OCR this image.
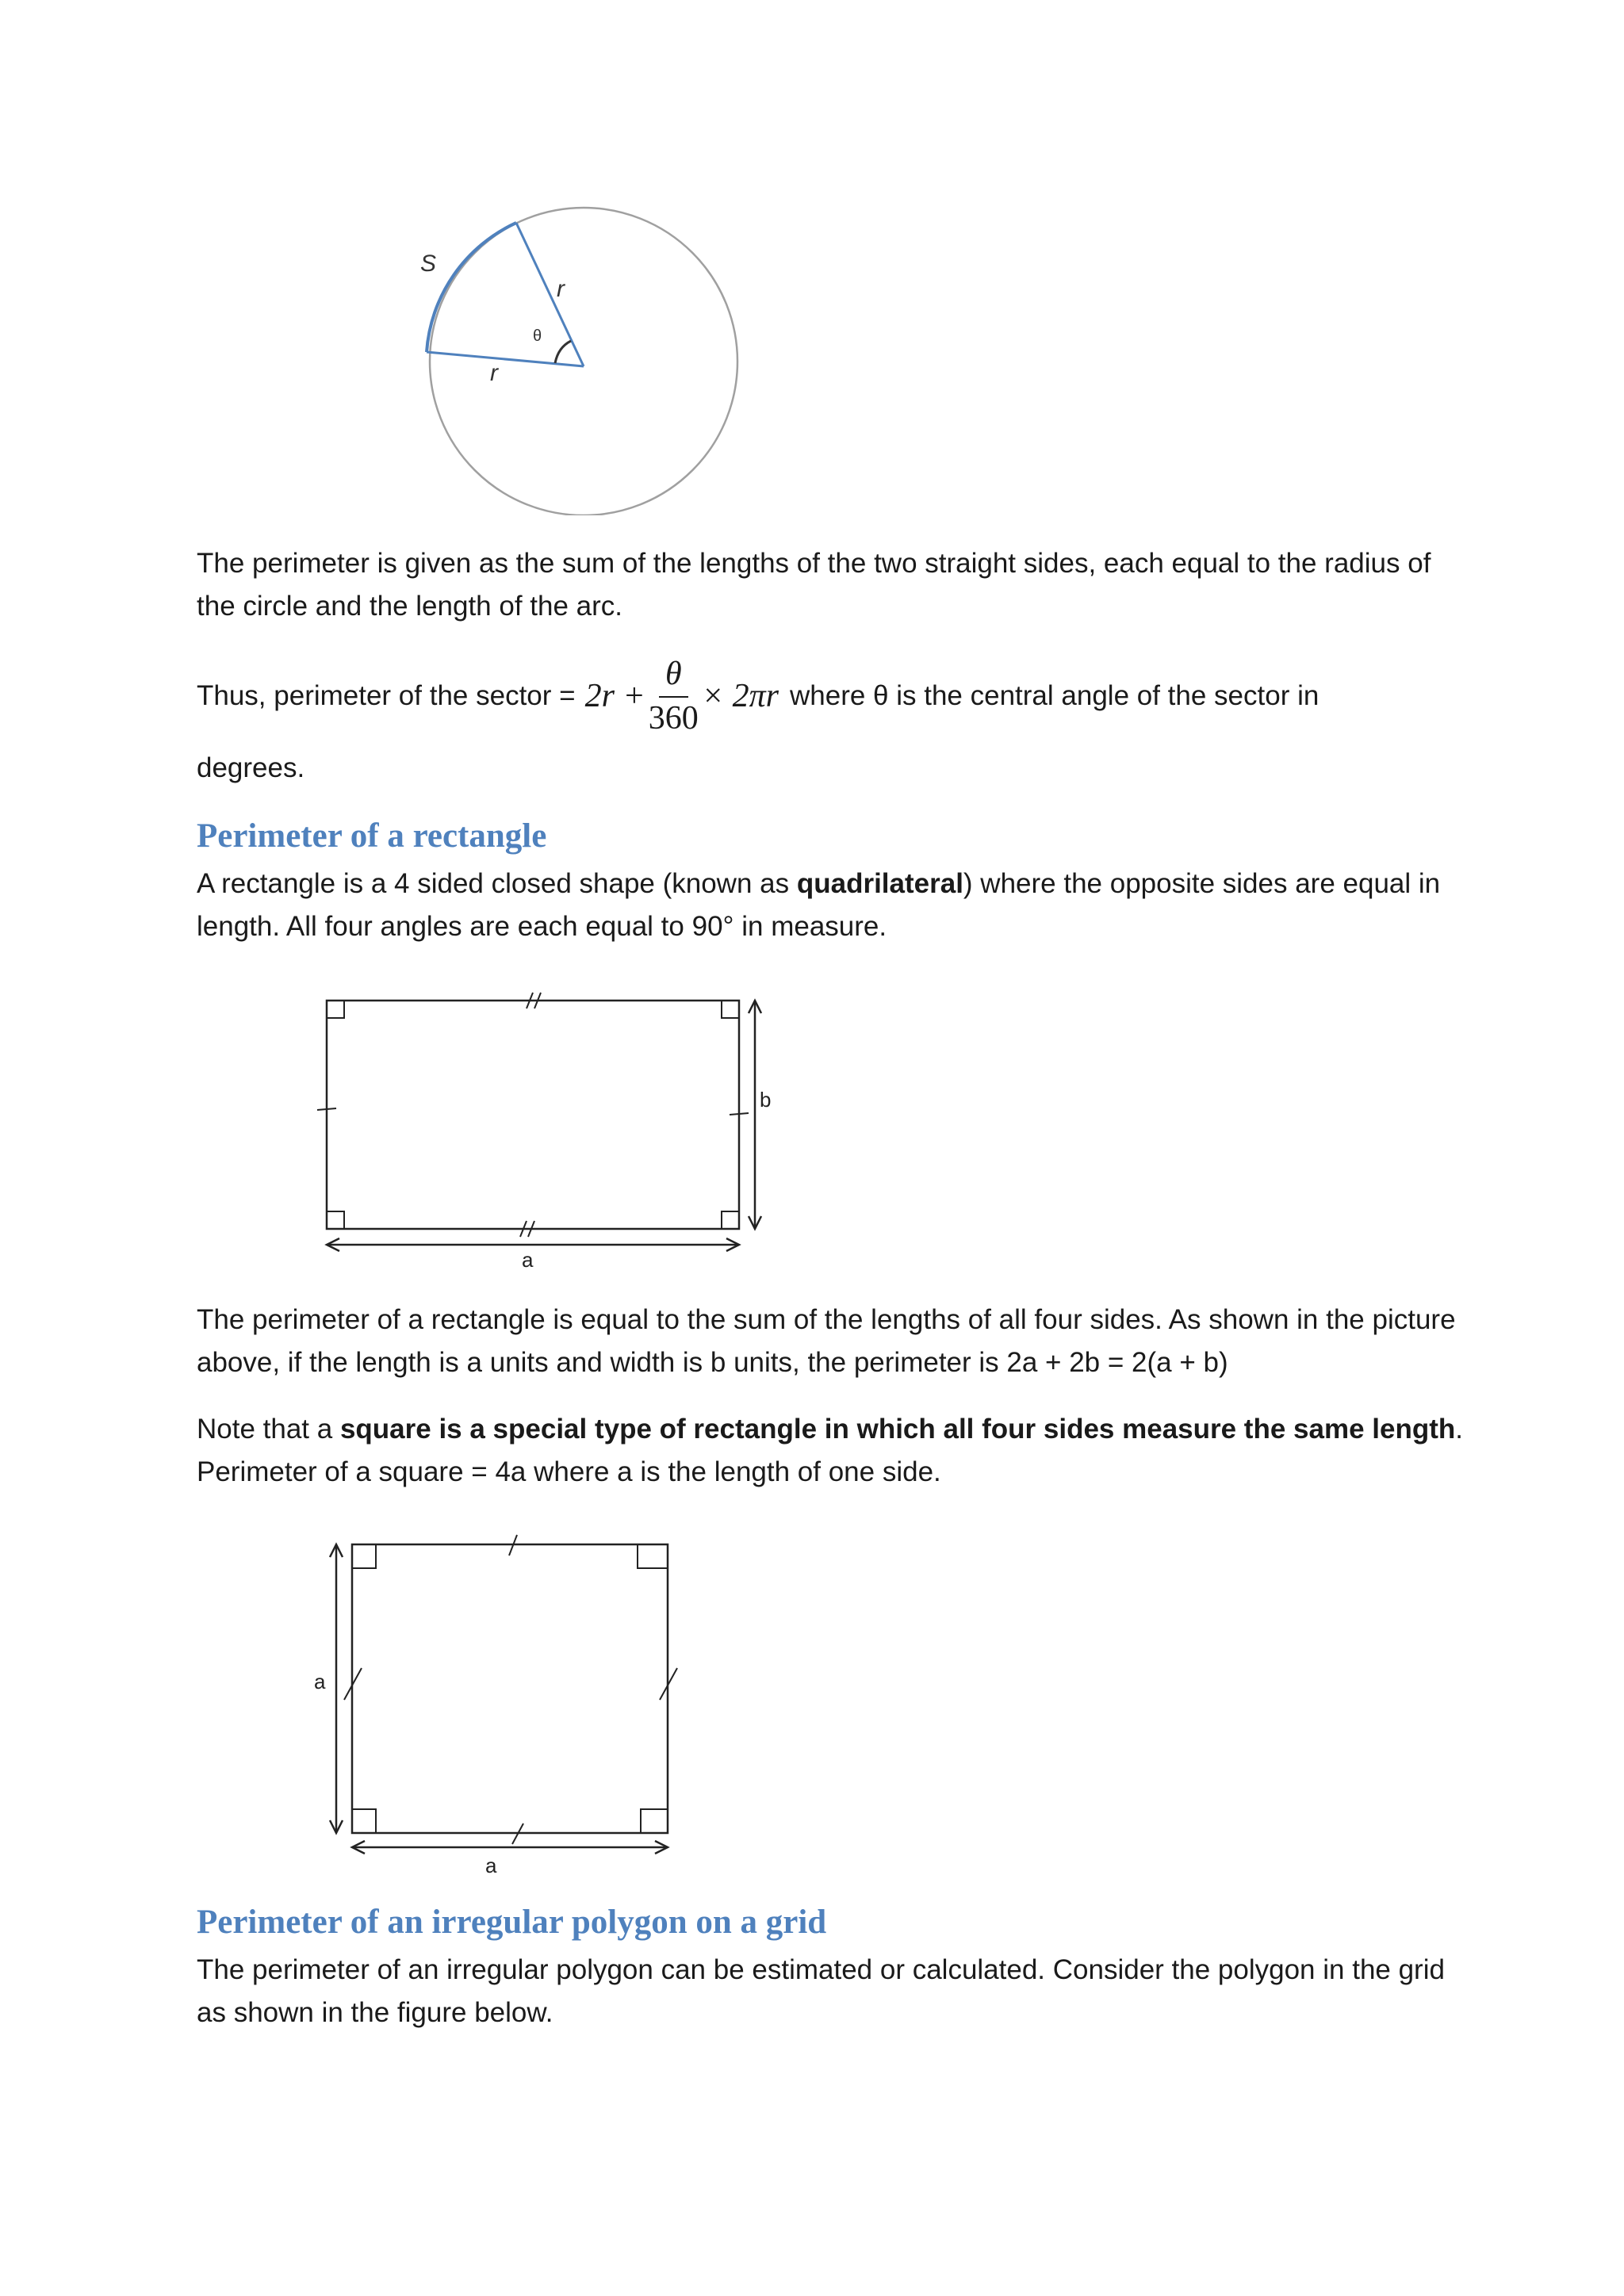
S
r
r
θ

The perimeter is given as the sum of the lengths of the two straight sides, each equal to the radius of the circle and the length of the arc.

Thus, perimeter of the sector = $2r + \frac{\theta}{360} \times 2\pi r$ where θ is the central angle of the sector in

degrees.

Perimeter of a rectangle

A rectangle is a 4 sided closed shape (known as quadrilateral) where the opposite sides are equal in length. All four angles are each equal to 90° in measure.

a
b

The perimeter of a rectangle is equal to the sum of the lengths of all four sides. As shown in the picture above, if the length is a units and width is b units, the perimeter is 2a + 2b = 2(a + b)

Note that a square is a special type of rectangle in which all four sides measure the same length.

Perimeter of a square = 4a where a is the length of one side.

a
a
Perimeter of an irregular polygon on a grid

The perimeter of an irregular polygon can be estimated or calculated. Consider the polygon in the grid as shown in the figure below.
